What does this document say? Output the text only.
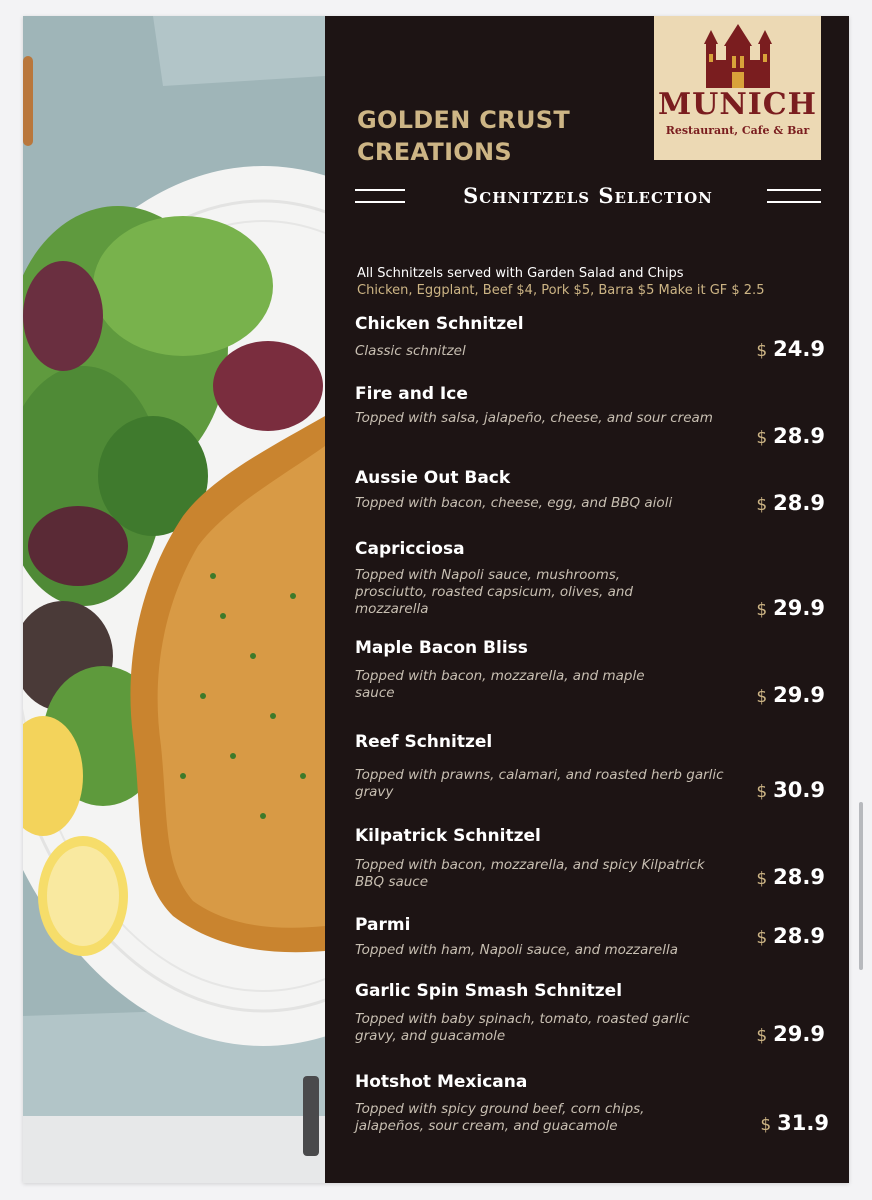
GOLDEN CRUST
CREATIONS
MUNICH
Restaurant, Cafe & Bar
Schnitzels Selection
All Schnitzels served with Garden Salad and Chips
Chicken, Eggplant, Beef $4, Pork $5, Barra $5 Make it GF $ 2.5
Chicken Schnitzel
Classic schnitzel	$ 24.9
Fire and Ice
Topped with salsa, jalapeño, cheese, and sour cream
$ 28.9
Aussie Out Back
Topped with bacon, cheese, egg, and BBQ aioli	$ 28.9
Capricciosa
Topped with Napoli sauce, mushrooms, prosciutto, roasted capsicum, olives, and mozzarella	$ 29.9
Maple Bacon Bliss
Topped with bacon, mozzarella, and maple sauce	$ 29.9
Reef Schnitzel
Topped with prawns, calamari, and roasted herb garlic gravy	$ 30.9
Kilpatrick Schnitzel
Topped with bacon, mozzarella, and spicy Kilpatrick BBQ sauce	$ 28.9
Parmi
Topped with ham, Napoli sauce, and mozzarella
$ 28.9
Garlic Spin Smash Schnitzel
Topped with baby spinach, tomato, roasted garlic gravy, and guacamole	$ 29.9
Hotshot Mexicana
Topped with spicy ground beef, corn chips, jalapeños, sour cream, and guacamole	$ 31.9
